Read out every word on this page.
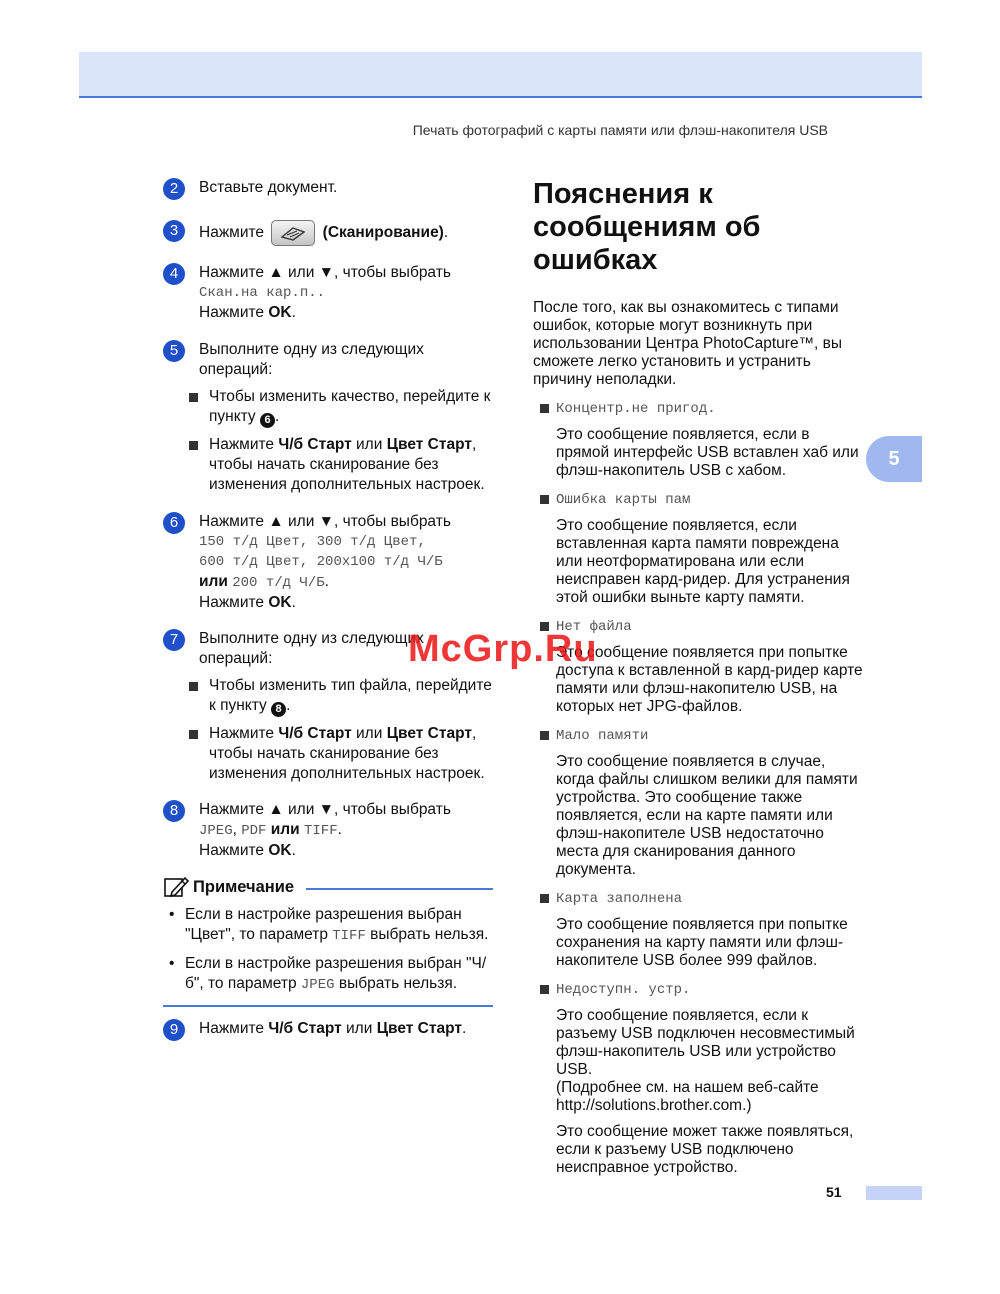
Печать фотографий с карты памяти или флэш-накопителя USB
5
2	Вставьте документ.
3	Нажмите	(Сканирование).
4	Нажмите ▲ или ▼, чтобы выбрать
Скан.на кар.п..
Нажмите OK.
5	Выполните одну из следующих операций:
Чтобы изменить качество, перейдите к пункту 6 .
Нажмите Ч/б Старт или Цвет Старт, чтобы начать сканирование без изменения дополнительных настроек.
6	Нажмите ▲ или ▼, чтобы выбрать
150 т/д Цвет, 300 т/д Цвет,
600 т/д Цвет, 200x100 т/д Ч/Б
или 200 т/д Ч/Б.
Нажмите OK.
7	Выполните одну из следующих операций:
Чтобы изменить тип файла, перейдите к пункту 8 .
Нажмите Ч/б Старт или Цвет Старт, чтобы начать сканирование без изменения дополнительных настроек.
8	Нажмите ▲ или ▼, чтобы выбрать
JPEG, PDF или TIFF.
Нажмите OK.
Примечание
• Если в настройке разрешения выбран "Цвет", то параметр TIFF выбрать нельзя.
• Если в настройке разрешения выбран "Ч/б", то параметр JPEG выбрать нельзя.
9	Нажмите Ч/б Старт или Цвет Старт.
Пояснения к сообщениям об ошибках
После того, как вы ознакомитесь с типами ошибок, которые могут возникнуть при использовании Центра PhotoCapture™, вы сможете легко установить и устранить причину неполадки.
Концентр.не пригод.
Это сообщение появляется, если в прямой интерфейс USB вставлен хаб или флэш-накопитель USB с хабом.
Ошибка карты пам
Это сообщение появляется, если вставленная карта памяти повреждена или неотформатирована или если неисправен кард-ридер. Для устранения этой ошибки выньте карту памяти.
Нет файла
Это сообщение появляется при попытке доступа к вставленной в кард-ридер карте памяти или флэш-накопителю USB, на которых нет JPG-файлов.
Мало памяти
Это сообщение появляется в случае, когда файлы слишком велики для памяти устройства. Это сообщение также появляется, если на карте памяти или флэш-накопителе USB недостаточно места для сканирования данного документа.
Карта заполнена
Это сообщение появляется при попытке сохранения на карту памяти или флэш-накопителе USB более 999 файлов.
Недоступн. устр.
Это сообщение появляется, если к разъему USB подключен несовместимый флэш-накопитель USB или устройство USB.
(Подробнее см. на нашем веб-сайте http://solutions.brother.com.)
Это сообщение может также появляться, если к разъему USB подключено неисправное устройство.
McGrp.Ru
51
